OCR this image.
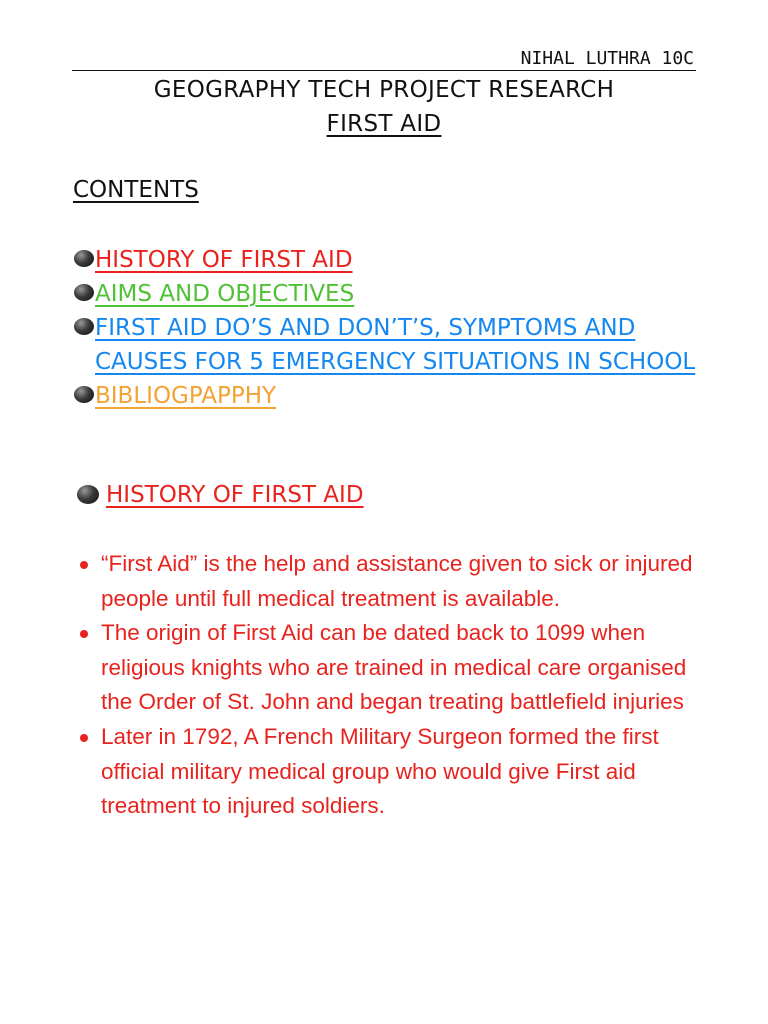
NIHAL LUTHRA 10C
GEOGRAPHY TECH PROJECT RESEARCH
FIRST AID
CONTENTS
HISTORY OF FIRST AID
AIMS AND OBJECTIVES
FIRST AID DO’S AND DON’T’S, SYMPTOMS AND CAUSES FOR 5 EMERGENCY SITUATIONS IN SCHOOL
BIBLIOGPAPPHY
HISTORY OF FIRST AID
“First Aid” is the help and assistance given to sick or injured people until full medical treatment is available.
The origin of First Aid can be dated back to 1099 when religious knights who are trained in medical care organised the Order of St. John and began treating battlefield injuries
Later in 1792, A French Military Surgeon formed the first official military medical group who would give First aid treatment to injured soldiers.
